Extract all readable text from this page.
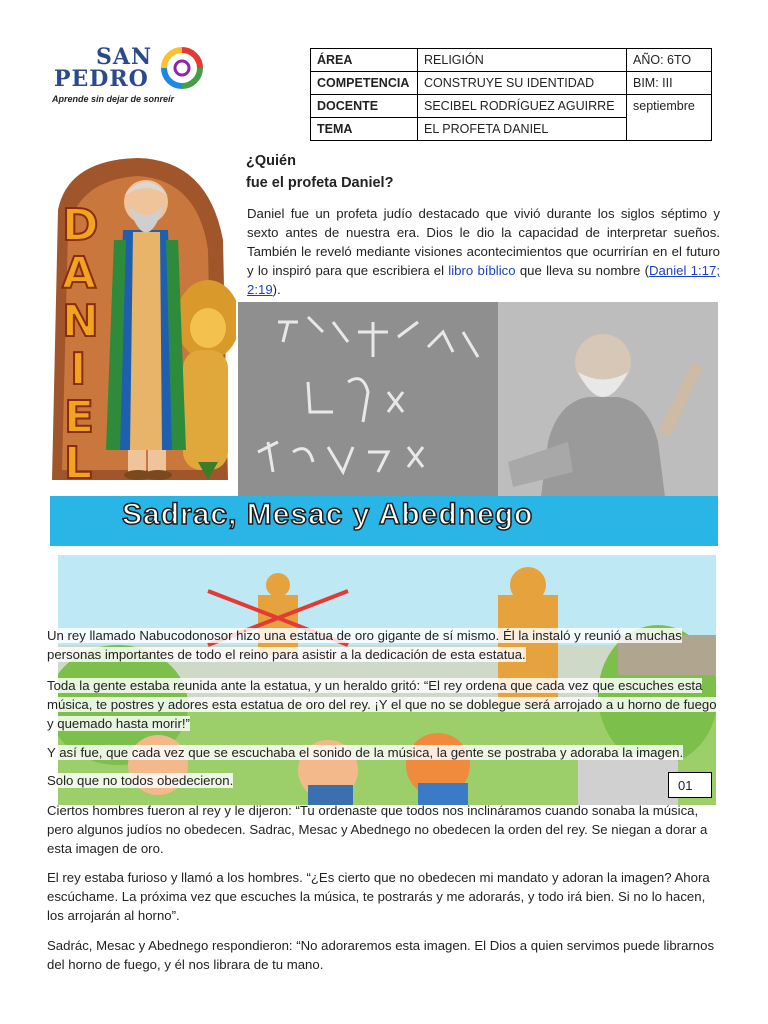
SAN
PEDRO
Aprende sin dejar de sonreír
ÁREA	RELIGIÓN	AÑO: 6TO
COMPETENCIA	CONSTRUYE SU IDENTIDAD	BIM: III
DOCENTE	SECIBEL RODRÍGUEZ AGUIRRE	septiembre
TEMA	EL PROFETA DANIEL	
D
A
N
I
E
L
¿Quién
fue el profeta Daniel?
Daniel fue un profeta judío destacado que vivió durante los siglos séptimo y sexto antes de nuestra era. Dios le dio la capacidad de interpretar sueños. También le reveló mediante visiones acontecimientos que ocurrirían en el futuro y lo inspiró para que escribiera el libro bíblico que lleva su nombre (Daniel 1:17; 2:19).
Sadrac, Mesac y Abednego
Un rey llamado Nabucodonosor hizo una estatua de oro gigante de sí mismo. Él la instaló y reunió a muchas personas importantes de todo el reino para asistir a la dedicación de esta estatua.
Toda la gente estaba reunida ante la estatua, y un heraldo gritó: “El rey ordena que cada vez que escuches esta música, te postres y adores esta estatua de oro del rey. ¡Y el que no se doblegue será arrojado a u horno de fuego y quemado hasta morir!”
Y así fue, que cada vez que se escuchaba el sonido de la música, la gente se postraba y adoraba la imagen.
Solo que no todos obedecieron.	01
Ciertos hombres fueron al rey y le dijeron: “Tu ordenaste que todos nos inclináramos cuando sonaba la música, pero algunos judíos no obedecen. Sadrac, Mesac y Abednego no obedecen la orden del rey. Se niegan a dorar a esta imagen de oro.
El rey estaba furioso y llamó a los hombres. “¿Es cierto que no obedecen mi mandato y adoran la imagen? Ahora escúchame. La próxima vez que escuches la música, te postrarás y me adorarás, y todo irá bien. Si no lo hacen, los arrojarán al horno”.
Sadrác, Mesac y Abednego respondieron: “No adoraremos esta imagen. El Dios a quien servimos puede librarnos del horno de fuego, y él nos librara de tu mano.
